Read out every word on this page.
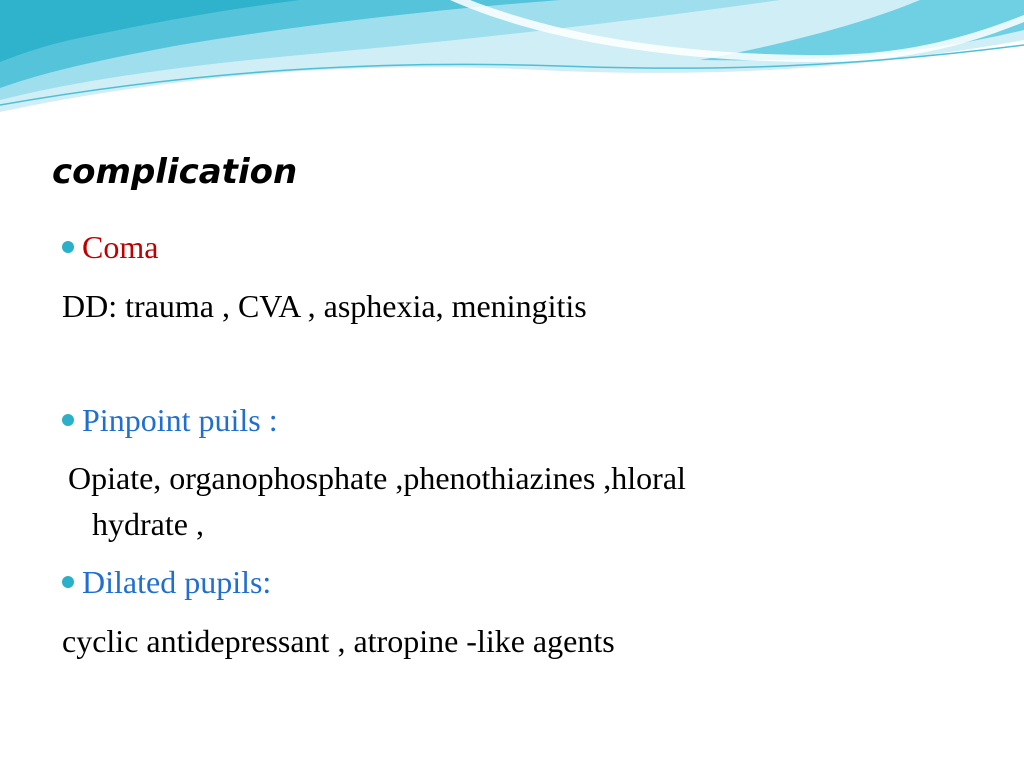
complication

Coma

DD: trauma , CVA , asphexia, meningitis

Pinpoint puils :

Opiate, organophosphate ,phenothiazines ,hloral
hydrate ,

Dilated pupils:

cyclic antidepressant , atropine -like agents
